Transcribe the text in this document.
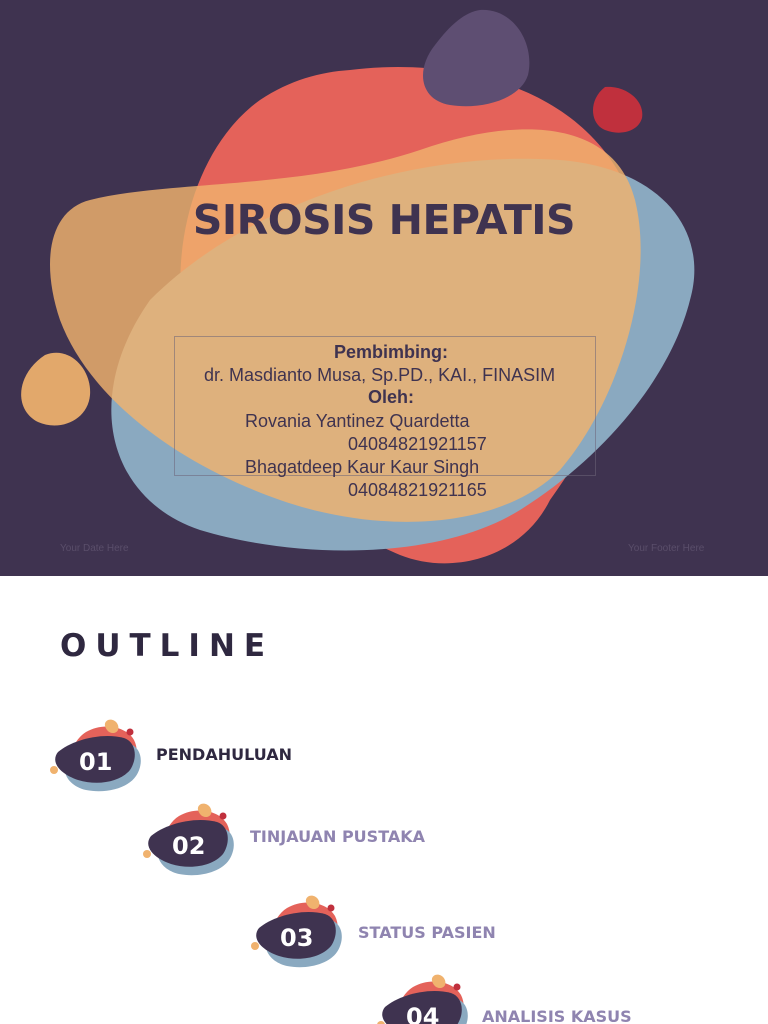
SIROSIS HEPATIS
Pembimbing:
dr. Masdianto Musa, Sp.PD., KAI., FINASIM
Oleh:
Rovania Yantinez Quardetta
04084821921157
Bhagatdeep Kaur Kaur Singh
04084821921165
Your Date Here	Your Footer Here
OUTLINE
01	PENDAHULUAN
02	TINJAUAN PUSTAKA
03	STATUS PASIEN
04	ANALISIS KASUS
